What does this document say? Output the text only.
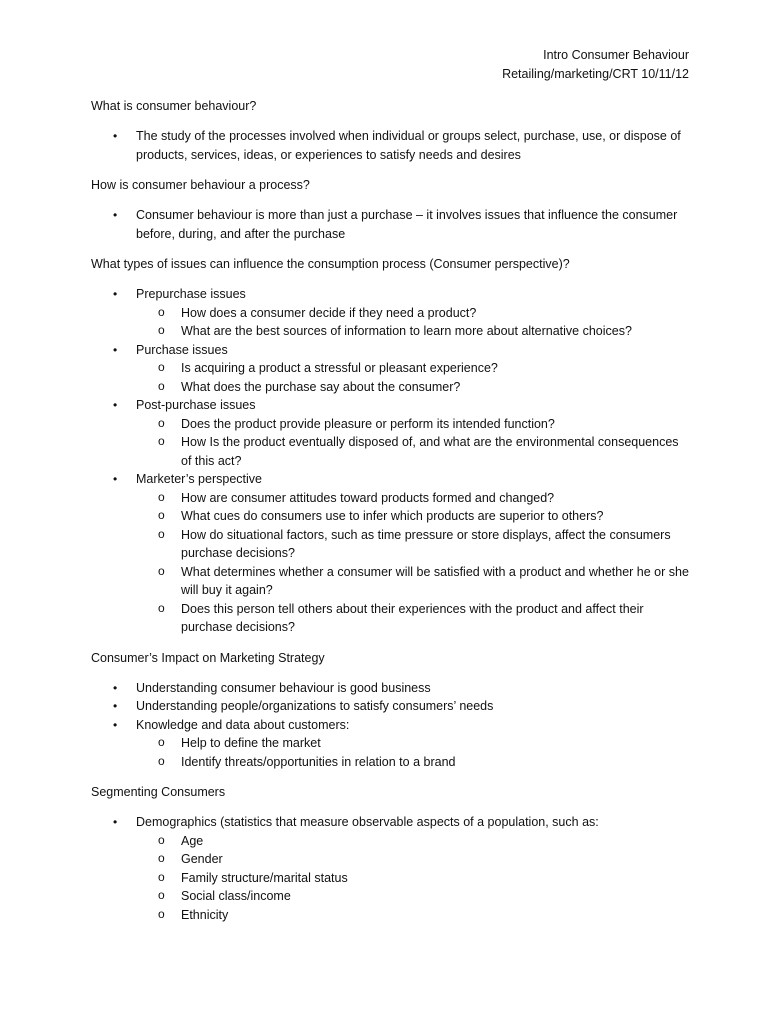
Intro Consumer Behaviour
Retailing/marketing/CRT 10/11/12
What is consumer behaviour?
• The study of the processes involved when individual or groups select, purchase, use, or dispose of products, services, ideas, or experiences to satisfy needs and desires
How is consumer behaviour a process?
• Consumer behaviour is more than just a purchase – it involves issues that influence the consumer before, during, and after the purchase
What types of issues can influence the consumption process (Consumer perspective)?
• Prepurchase issues
o How does a consumer decide if they need a product?
o What are the best sources of information to learn more about alternative choices?
• Purchase issues
o Is acquiring a product a stressful or pleasant experience?
o What does the purchase say about the consumer?
• Post-purchase issues
o Does the product provide pleasure or perform its intended function?
o How Is the product eventually disposed of, and what are the environmental consequences of this act?
• Marketer’s perspective
o How are consumer attitudes toward products formed and changed?
o What cues do consumers use to infer which products are superior to others?
o How do situational factors, such as time pressure or store displays, affect the consumers purchase decisions?
o What determines whether a consumer will be satisfied with a product and whether he or she will buy it again?
o Does this person tell others about their experiences with the product and affect their purchase decisions?
Consumer’s Impact on Marketing Strategy
• Understanding consumer behaviour is good business
• Understanding people/organizations to satisfy consumers’ needs
• Knowledge and data about customers:
o Help to define the market
o Identify threats/opportunities in relation to a brand
Segmenting Consumers
• Demographics (statistics that measure observable aspects of a population, such as:
o Age
o Gender
o Family structure/marital status
o Social class/income
o Ethnicity
